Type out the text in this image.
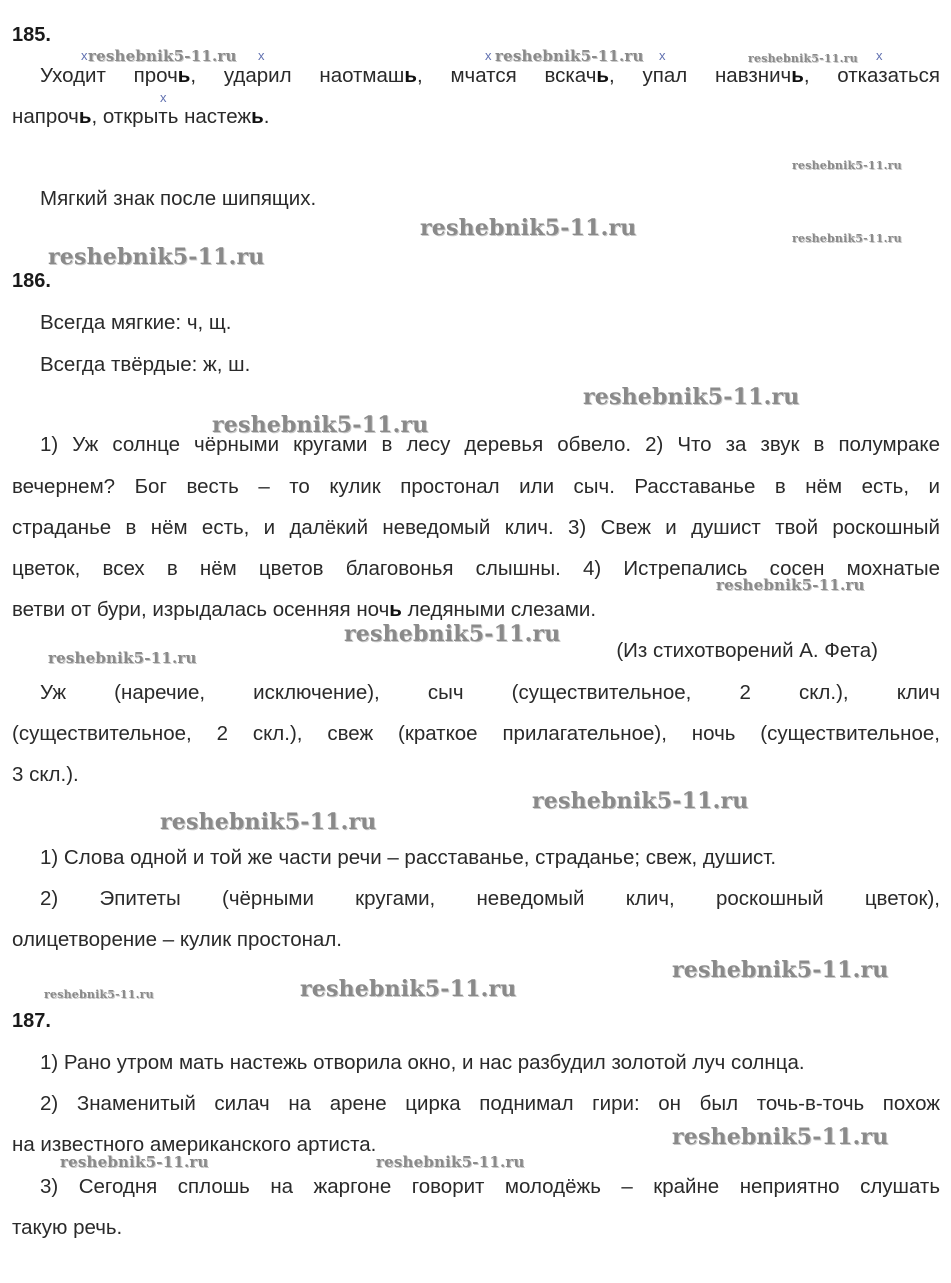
185.
Уходит прочь, ударил наотмашь, мчатся вскачь, упал навзничь, отказаться
напрочь, открыть настежь.
Мягкий знак после шипящих.
186.
Всегда мягкие: ч, щ.
Всегда твёрдые: ж, ш.
1) Уж солнце чёрными кругами в лесу деревья обвело. 2) Что за звук в полумраке
вечернем? Бог весть – то кулик простонал или сыч. Расставанье в нём есть, и
страданье в нём есть, и далёкий неведомый клич. 3) Свеж и душист твой роскошный
цветок, всех в нём цветов благовонья слышны. 4) Истрепались сосен мохнатые
ветви от бури, изрыдалась осенняя ночь ледяными слезами.
(Из стихотворений А. Фета)
Уж (наречие, исключение), сыч (существительное, 2 скл.), клич
(существительное, 2 скл.), свеж (краткое прилагательное), ночь (существительное,
3 скл.).
1) Слова одной и той же части речи – расставанье, страданье; свеж, душист.
2) Эпитеты (чёрными кругами, неведомый клич, роскошный цветок),
олицетворение – кулик простонал.
187.
1) Рано утром мать настежь отворила окно, и нас разбудил золотой луч солнца.
2) Знаменитый силач на арене цирка поднимал гири: он был точь-в-точь похож
на известного американского артиста.
3) Сегодня сплошь на жаргоне говорит молодёжь – крайне неприятно слушать
такую речь.
x	x	x	x	x
x
reshebnik5-11.ru	reshebnik5-11.ru	reshebnik5-11.ru
reshebnik5-11.ru
reshebnik5-11.ru	reshebnik5-11.ru
reshebnik5-11.ru
reshebnik5-11.ru
reshebnik5-11.ru
reshebnik5-11.ru
reshebnik5-11.ru
reshebnik5-11.ru
reshebnik5-11.ru
reshebnik5-11.ru
reshebnik5-11.ru
reshebnik5-11.ru
reshebnik5-11.ru
reshebnik5-11.ru
reshebnik5-11.ru	reshebnik5-11.ru
